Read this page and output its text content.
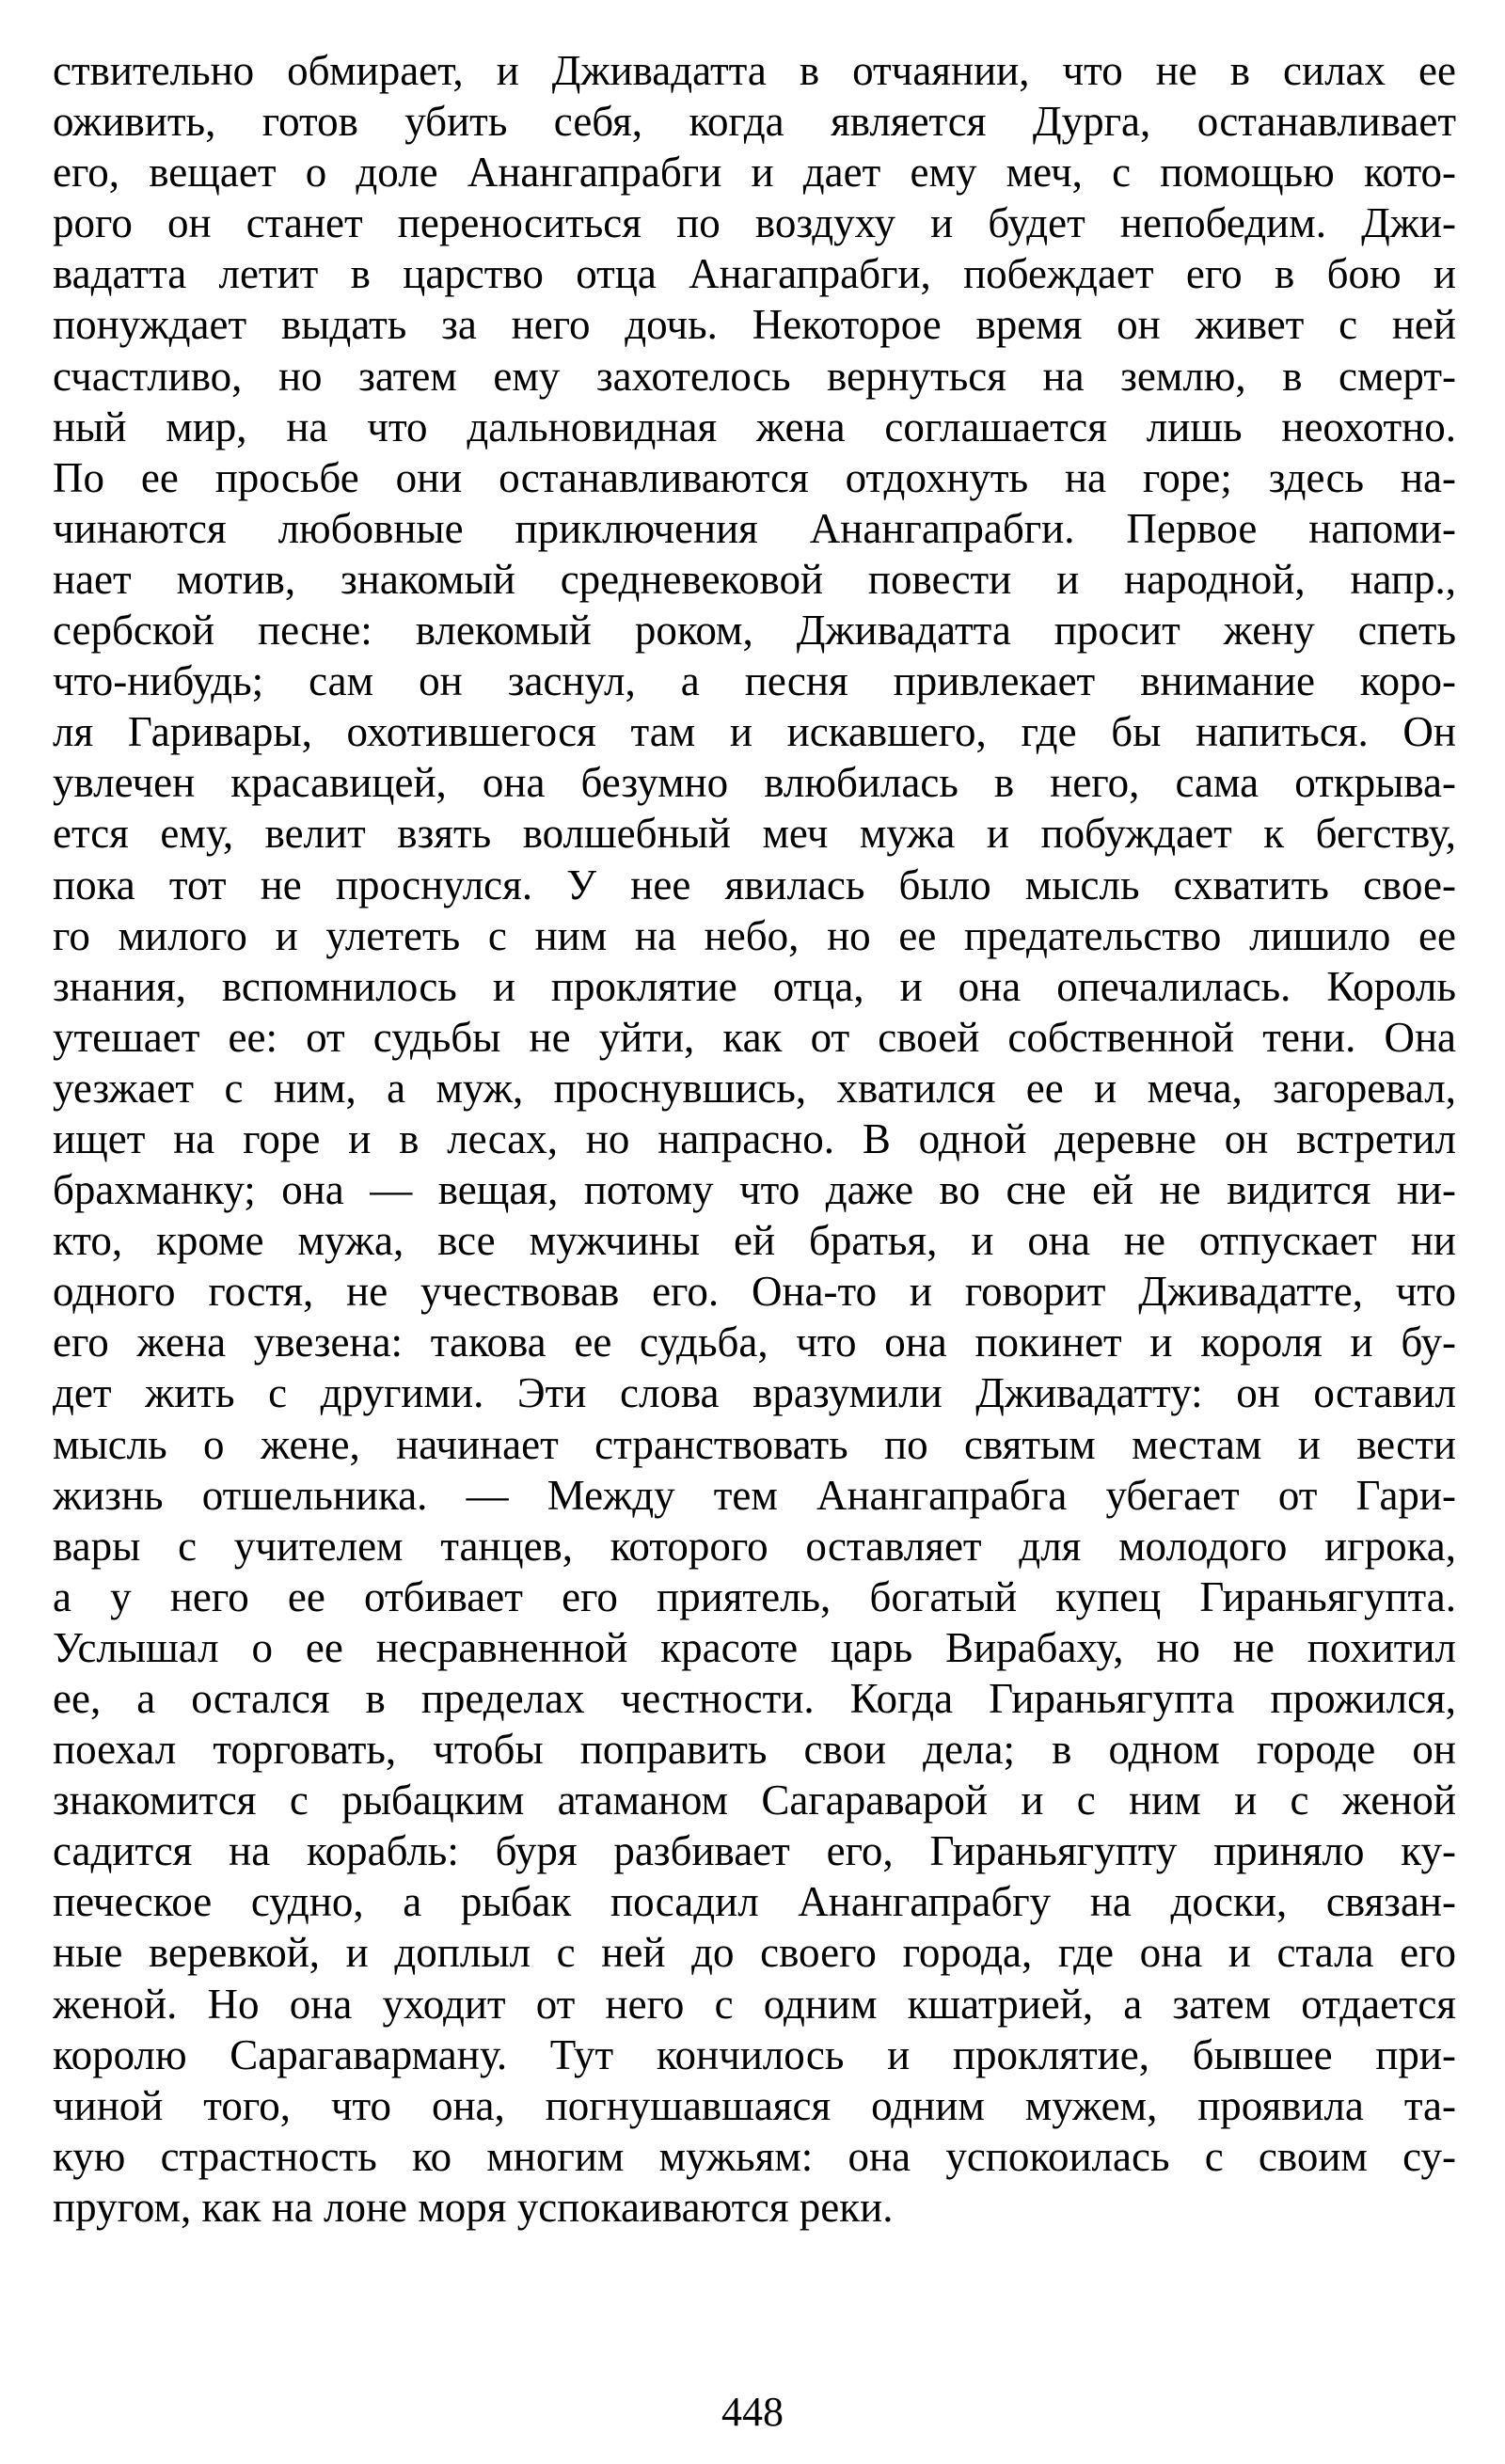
ствительно обмирает, и Дживадатта в отчаянии, что не в силах ее
оживить, готов убить себя, когда является Дурга, останавливает
его, вещает о доле Анангапрабги и дает ему меч, с помощью кото-
рого он станет переноситься по воздуху и будет непобедим. Джи-
вадатта летит в царство отца Анагапрабги, побеждает его в бою и
понуждает выдать за него дочь. Некоторое время он живет с ней
счастливо, но затем ему захотелось вернуться на землю, в смерт-
ный мир, на что дальновидная жена соглашается лишь неохотно.
По ее просьбе они останавливаются отдохнуть на горе; здесь на-
чинаются любовные приключения Анангапрабги. Первое напоми-
нает мотив, знакомый средневековой повести и народной, напр.,
сербской песне: влекомый роком, Дживадатта просит жену спеть
что-нибудь; сам он заснул, а песня привлекает внимание коро-
ля Гаривары, охотившегося там и искавшего, где бы напиться. Он
увлечен красавицей, она безумно влюбилась в него, сама открыва-
ется ему, велит взять волшебный меч мужа и побуждает к бегству,
пока тот не проснулся. У нее явилась было мысль схватить свое-
го милого и улететь с ним на небо, но ее предательство лишило ее
знания, вспомнилось и проклятие отца, и она опечалилась. Король
утешает ее: от судьбы не уйти, как от своей собственной тени. Она
уезжает с ним, а муж, проснувшись, хватился ее и меча, загоревал,
ищет на горе и в лесах, но напрасно. В одной деревне он встретил
брахманку; она — вещая, потому что даже во сне ей не видится ни-
кто, кроме мужа, все мужчины ей братья, и она не отпускает ни
одного гостя, не учествовав его. Она-то и говорит Дживадатте, что
его жена увезена: такова ее судьба, что она покинет и короля и бу-
дет жить с другими. Эти слова вразумили Дживадатту: он оставил
мысль о жене, начинает странствовать по святым местам и вести
жизнь отшельника. — Между тем Анангапрабга убегает от Гари-
вары с учителем танцев, которого оставляет для молодого игрока,
а у него ее отбивает его приятель, богатый купец Гираньягупта.
Услышал о ее несравненной красоте царь Вирабаху, но не похитил
ее, а остался в пределах честности. Когда Гираньягупта прожился,
поехал торговать, чтобы поправить свои дела; в одном городе он
знакомится с рыбацким атаманом Сагараварой и с ним и с женой
садится на корабль: буря разбивает его, Гираньягупту приняло ку-
печеское судно, а рыбак посадил Анангапрабгу на доски, связан-
ные веревкой, и доплыл с ней до своего города, где она и стала его
женой. Но она уходит от него с одним кшатрией, а затем отдается
королю Сарагаварману. Тут кончилось и проклятие, бывшее при-
чиной того, что она, погнушавшаяся одним мужем, проявила та-
кую страстность ко многим мужьям: она успокоилась с своим су-
пругом, как на лоне моря успокаиваются реки.
448
